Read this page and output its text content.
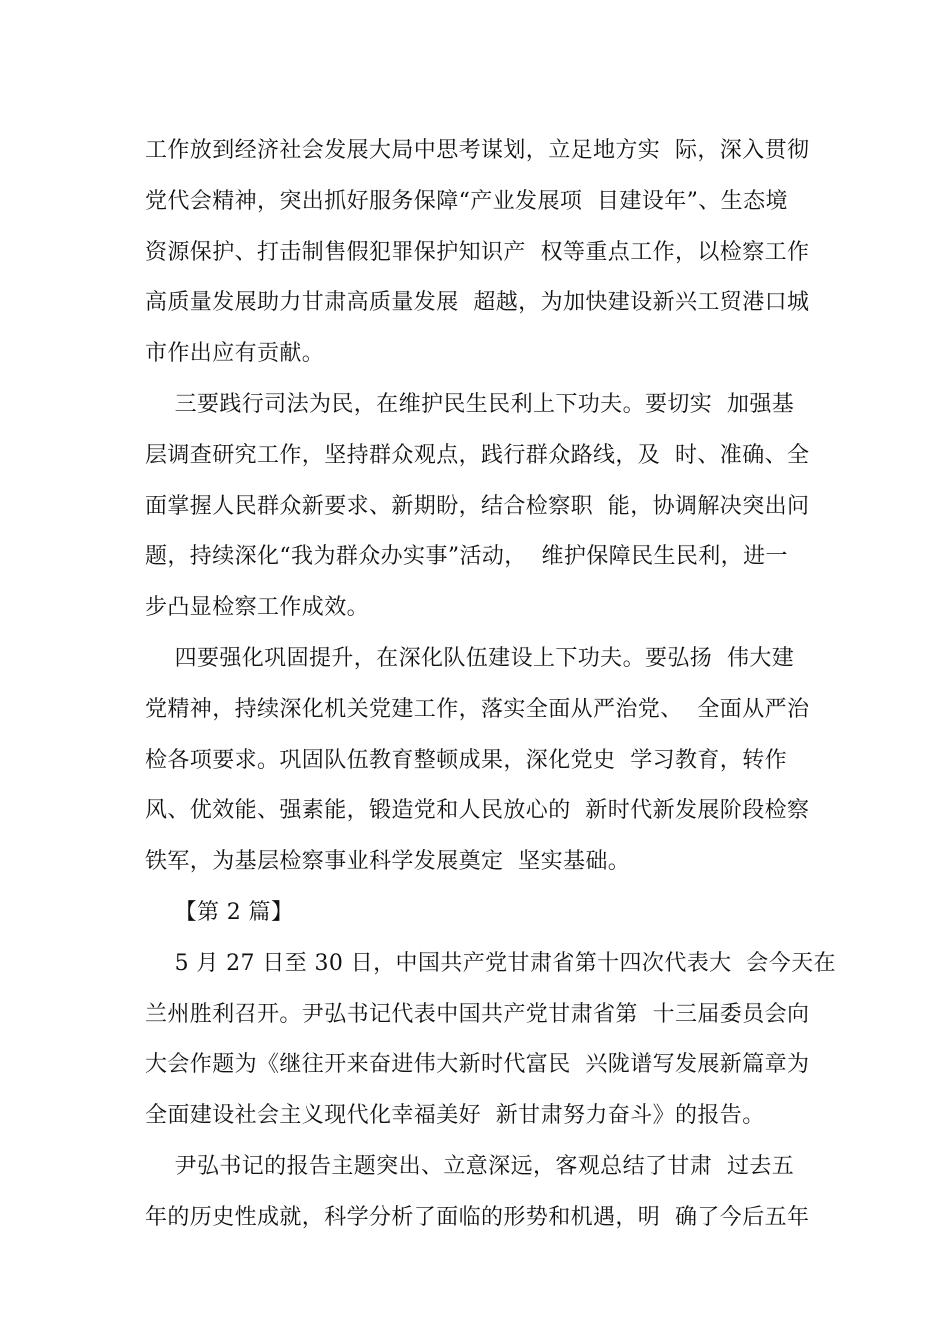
工作放到经济社会发展大局中思考谋划，立足地方实  际，深入贯彻
党代会精神，突出抓好服务保障“产业发展项  目建设年”、生态境
资源保护、打击制售假犯罪保护知识产  权等重点工作，以检察工作
高质量发展助力甘肃高质量发展  超越，为加快建设新兴工贸港口城
市作出应有贡献。
三要践行司法为民，在维护民生民利上下功夫。要切实  加强基
层调查研究工作，坚持群众观点，践行群众路线，及  时、准确、全
面掌握人民群众新要求、新期盼，结合检察职  能，协调解决突出问
题，持续深化“我为群众办实事”活动，  维护保障民生民利，进一
步凸显检察工作成效。
四要强化巩固提升，在深化队伍建设上下功夫。要弘扬  伟大建
党精神，持续深化机关党建工作，落实全面从严治党、  全面从严治
检各项要求。巩固队伍教育整顿成果，深化党史  学习教育，转作
风、优效能、强素能，锻造党和人民放心的  新时代新发展阶段检察
铁军，为基层检察事业科学发展奠定  坚实基础。
【第 2 篇】
5 月 27 日至 30 日，中国共产党甘肃省第十四次代表大  会今天在
兰州胜利召开。尹弘书记代表中国共产党甘肃省第  十三届委员会向
大会作题为《继往开来奋进伟大新时代富民  兴陇谱写发展新篇章为
全面建设社会主义现代化幸福美好  新甘肃努力奋斗》的报告。
尹弘书记的报告主题突出、立意深远，客观总结了甘肃  过去五
年的历史性成就，科学分析了面临的形势和机遇，明  确了今后五年
